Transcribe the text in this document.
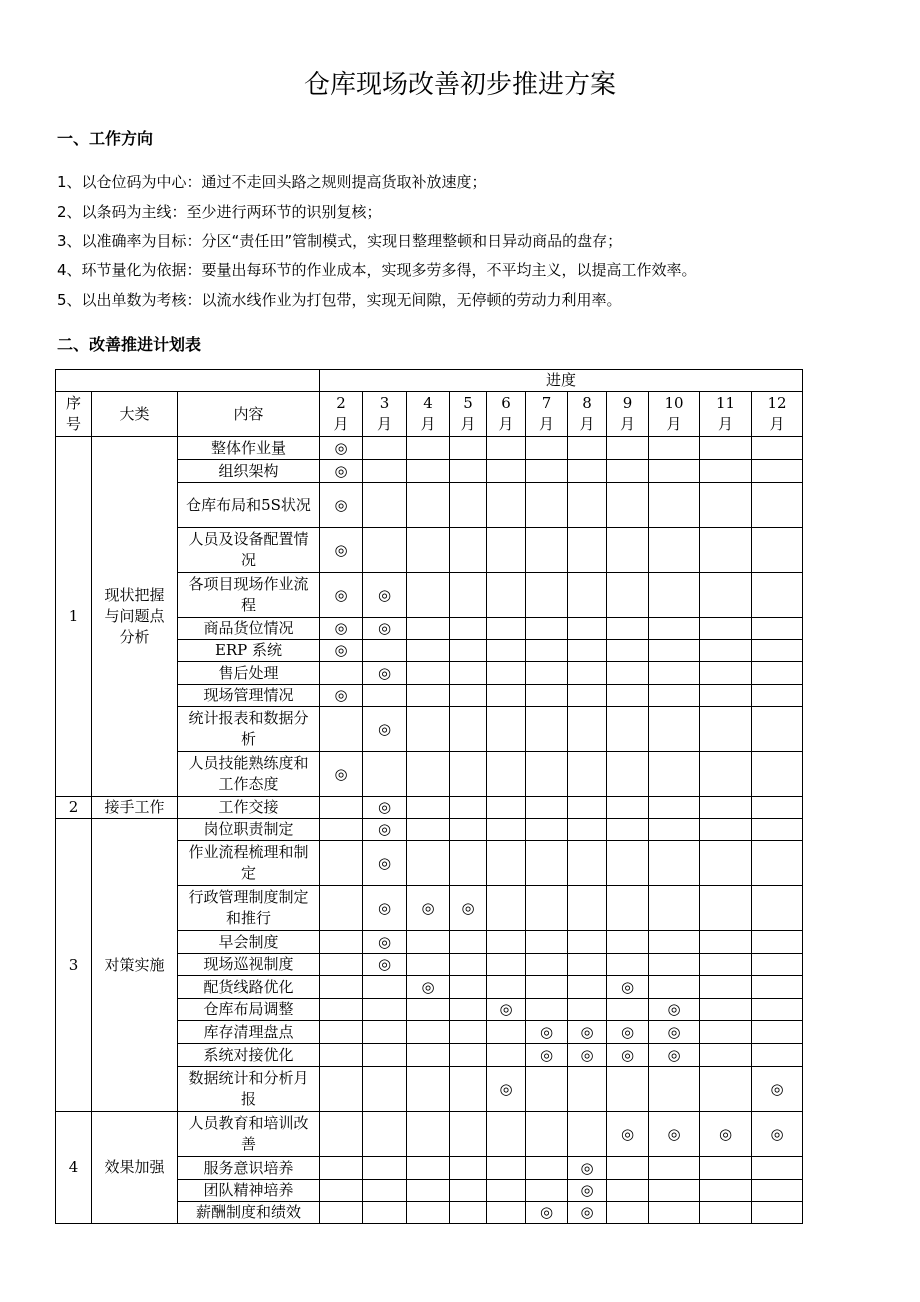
仓库现场改善初步推进方案
一、工作方向
1、以仓位码为中心：通过不走回头路之规则提高货取补放速度；
2、以条码为主线：至少进行两环节的识别复核；
3、以准确率为目标：分区“责任田”管制模式，实现日整理整顿和日异动商品的盘存；
4、环节量化为依据：要量出每环节的作业成本，实现多劳多得，不平均主义，以提高工作效率。
5、以出单数为考核：以流水线作业为打包带，实现无间隙，无停顿的劳动力利用率。
二、改善推进计划表
			进度										
序号	大类	内容	2月	3月	4月	5月	6月	7月	8月	9月	10月	11月	12月
1	现状把握与问题点分析	整体作业量	◎										
		组织架构	◎										
		仓库布局和5S状况	◎										
		人员及设备配置情况	◎										
		各项目现场作业流程	◎	◎									
		商品货位情况	◎	◎									
		ERP 系统	◎										
		售后处理		◎									
		现场管理情况	◎										
		统计报表和数据分析		◎									
		人员技能熟练度和工作态度	◎										
2	接手工作	工作交接		◎									
3	对策实施	岗位职责制定		◎									
		作业流程梳理和制定		◎									
		行政管理制度制定和推行		◎	◎	◎							
		早会制度		◎									
		现场巡视制度		◎									
		配货线路优化			◎					◎			
		仓库布局调整					◎				◎		
		库存清理盘点						◎	◎	◎	◎		
		系统对接优化						◎	◎	◎	◎		
		数据统计和分析月报					◎						◎
4	效果加强	人员教育和培训改善								◎	◎	◎	◎
		服务意识培养							◎				
		团队精神培养							◎				
		薪酬制度和绩效						◎	◎				
